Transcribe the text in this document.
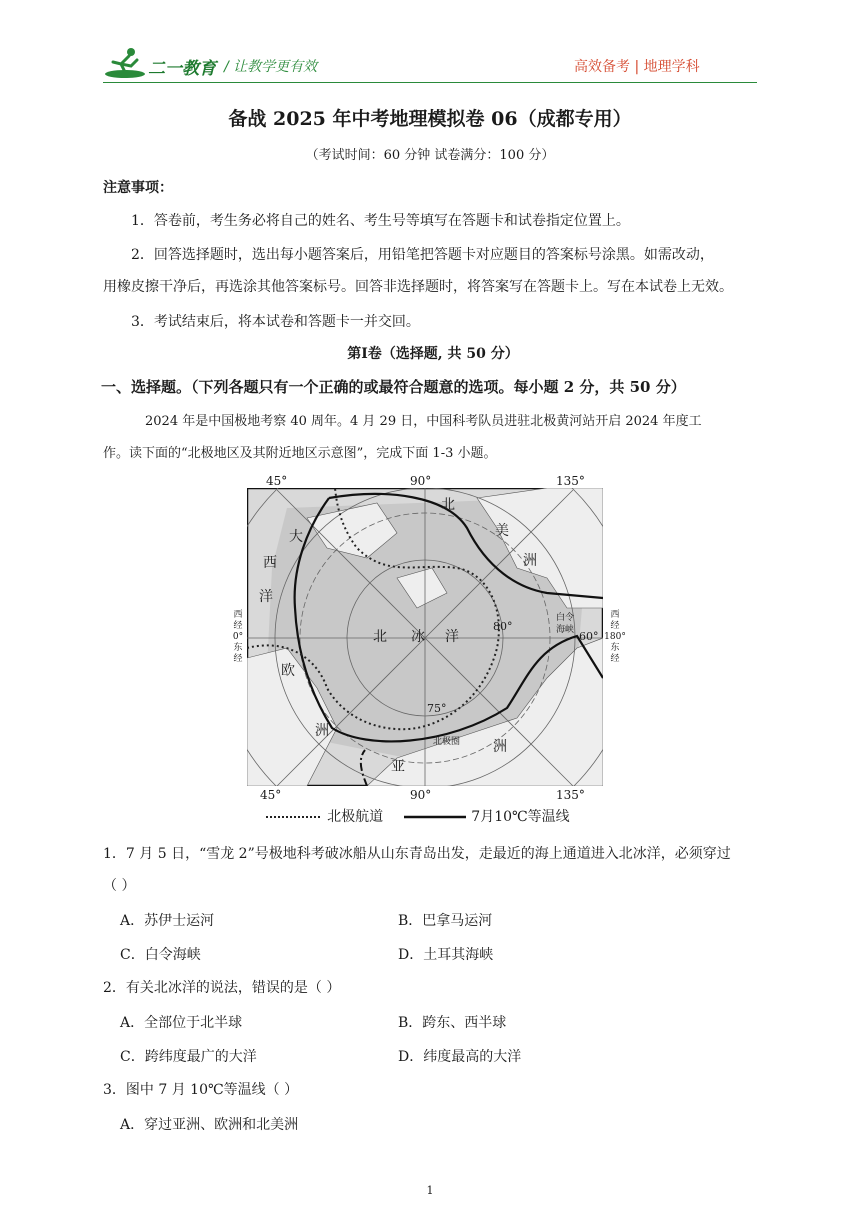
二一教育 / 让教学更有效	高效备考 | 地理学科
备战 2025 年中考地理模拟卷 06（成都专用）
（考试时间：60 分钟 试卷满分：100 分）
注意事项：
1．答卷前，考生务必将自己的姓名、考生号等填写在答题卡和试卷指定位置上。
2．回答选择题时，选出每小题答案后，用铅笔把答题卡对应题目的答案标号涂黑。如需改动，
用橡皮擦干净后，再选涂其他答案标号。回答非选择题时，将答案写在答题卡上。写在本试卷上无效。
3．考试结束后，将本试卷和答题卡一并交回。
第Ⅰ卷（选择题, 共 50 分）
一、选择题。（下列各题只有一个正确的或最符合题意的选项。每小题 2 分，共 50 分）
2024 年是中国极地考察 40 周年。4 月 29 日，中国科考队员进驻北极黄河站开启 2024 年度工
作。读下面的“北极地区及其附近地区示意图”，完成下面 1-3 小题。
45°	90°	135°
北 冰 洋
大
西
洋
北
美
洲
欧
洲
亚
洲
白令
海峡
80°
75°
60°
北极圈
西
经
0°
东
经
西
经
180°
东
经
45°	90°	135°
北极航道	7月10℃等温线
1．7 月 5 日，“雪龙 2”号极地科考破冰船从山东青岛出发，走最近的海上通道进入北冰洋，必须穿过
（ ）
A．苏伊士运河	B．巴拿马运河
C．白令海峡	D．土耳其海峡
2．有关北冰洋的说法，错误的是（ ）
A．全部位于北半球	B．跨东、西半球
C．跨纬度最广的大洋	D．纬度最高的大洋
3．图中 7 月 10℃等温线（ ）
A．穿过亚洲、欧洲和北美洲
1
